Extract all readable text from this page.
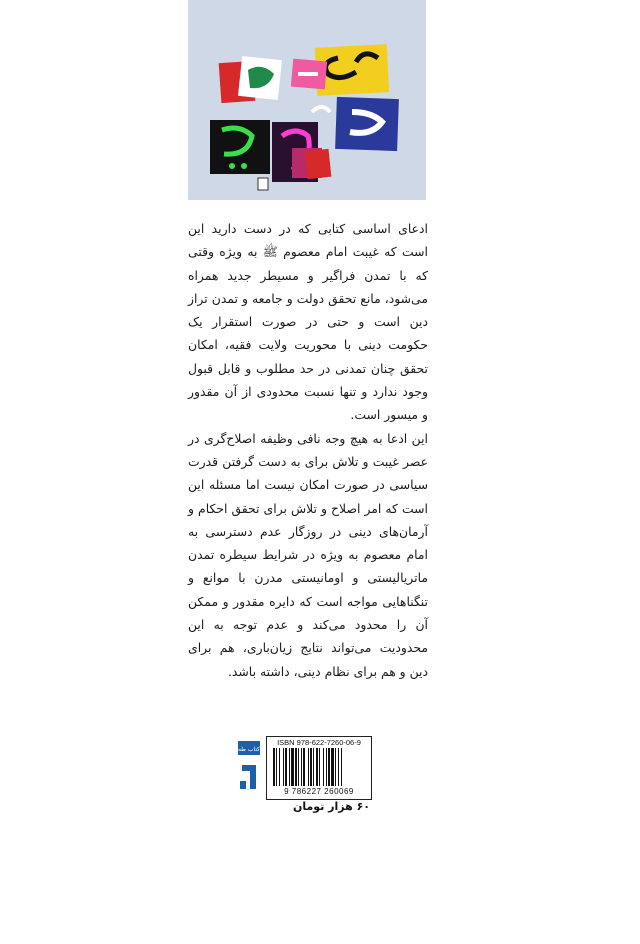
ادعای اساسی کتابی که در دست دارید این است که غیبت امام معصوم ﷺ به ویژه وقتی که با تمدن فراگیر و مسیطر جدید همراه می‌شود، مانع تحقق دولت و جامعه و تمدن تراز دین است و حتی در صورت استقرار یک حکومت دینی با محوریت ولایت فقیه، امکان تحقق چنان تمدنی در حد مطلوب و قابل قبول وجود ندارد و تنها نسبت محدودی از آن مقدور و میسور است.

این ادعا به هیچ وجه نافی وظیفه اصلاح‌گری در عصر غیبت و تلاش برای به دست گرفتن قدرت سیاسی در صورت امکان نیست اما مسئله این است که امر اصلاح و تلاش برای تحقق احکام و آرمان‌های دینی در روزگار عدم دسترسی به امام معصوم به ویژه در شرایط سیطره تمدن ماتریالیستی و اومانیستی مدرن با موانع و تنگناهایی مواجه است که دایره مقدور و ممکن آن را محدود می‌کند و عدم توجه به این محدودیت می‌تواند نتایج زیان‌باری، هم برای دین و هم برای نظام دینی، داشته باشد.

کتاب طه
ISBN 978-622-7260-06-9
9 786227 260069
۶۰ هزار تومان
